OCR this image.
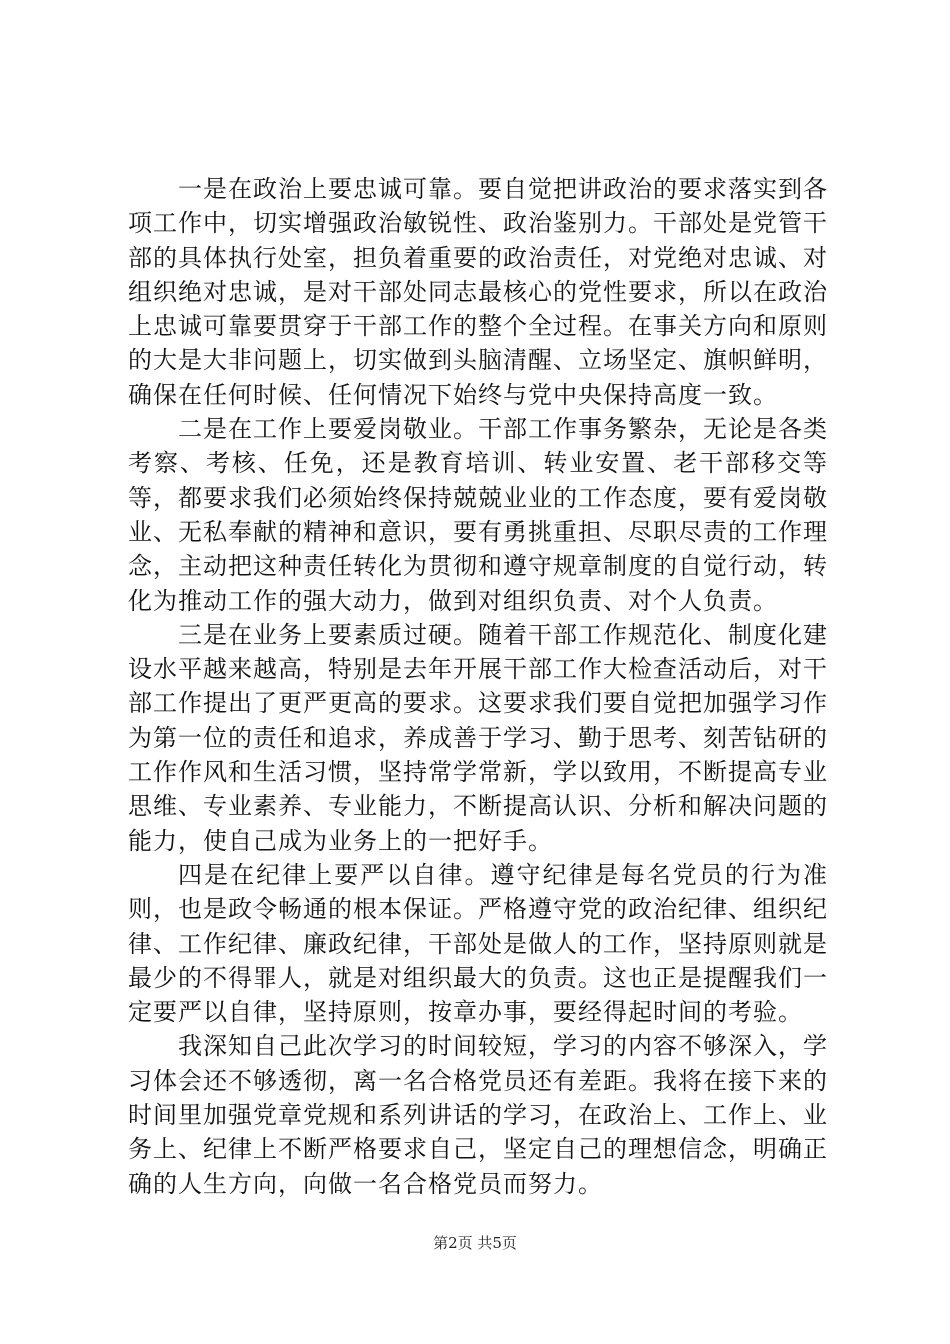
一是在政治上要忠诚可靠。要自觉把讲政治的要求落实到各项工作中，切实增强政治敏锐性、政治鉴别力。干部处是党管干部的具体执行处室，担负着重要的政治责任，对党绝对忠诚、对组织绝对忠诚，是对干部处同志最核心的党性要求，所以在政治上忠诚可靠要贯穿于干部工作的整个全过程。在事关方向和原则的大是大非问题上，切实做到头脑清醒、立场坚定、旗帜鲜明，确保在任何时候、任何情况下始终与党中央保持高度一致。

二是在工作上要爱岗敬业。干部工作事务繁杂，无论是各类考察、考核、任免，还是教育培训、转业安置、老干部移交等等，都要求我们必须始终保持兢兢业业的工作态度，要有爱岗敬业、无私奉献的精神和意识，要有勇挑重担、尽职尽责的工作理念，主动把这种责任转化为贯彻和遵守规章制度的自觉行动，转化为推动工作的强大动力，做到对组织负责、对个人负责。

三是在业务上要素质过硬。随着干部工作规范化、制度化建设水平越来越高，特别是去年开展干部工作大检查活动后，对干部工作提出了更严更高的要求。这要求我们要自觉把加强学习作为第一位的责任和追求，养成善于学习、勤于思考、刻苦钻研的工作作风和生活习惯，坚持常学常新，学以致用，不断提高专业思维、专业素养、专业能力，不断提高认识、分析和解决问题的能力，使自己成为业务上的一把好手。

四是在纪律上要严以自律。遵守纪律是每名党员的行为准则，也是政令畅通的根本保证。严格遵守党的政治纪律、组织纪律、工作纪律、廉政纪律，干部处是做人的工作，坚持原则就是最少的不得罪人，就是对组织最大的负责。这也正是提醒我们一定要严以自律，坚持原则，按章办事，要经得起时间的考验。

我深知自己此次学习的时间较短，学习的内容不够深入，学习体会还不够透彻，离一名合格党员还有差距。我将在接下来的时间里加强党章党规和系列讲话的学习，在政治上、工作上、业务上、纪律上不断严格要求自己，坚定自己的理想信念，明确正确的人生方向，向做一名合格党员而努力。

第2页 共5页
